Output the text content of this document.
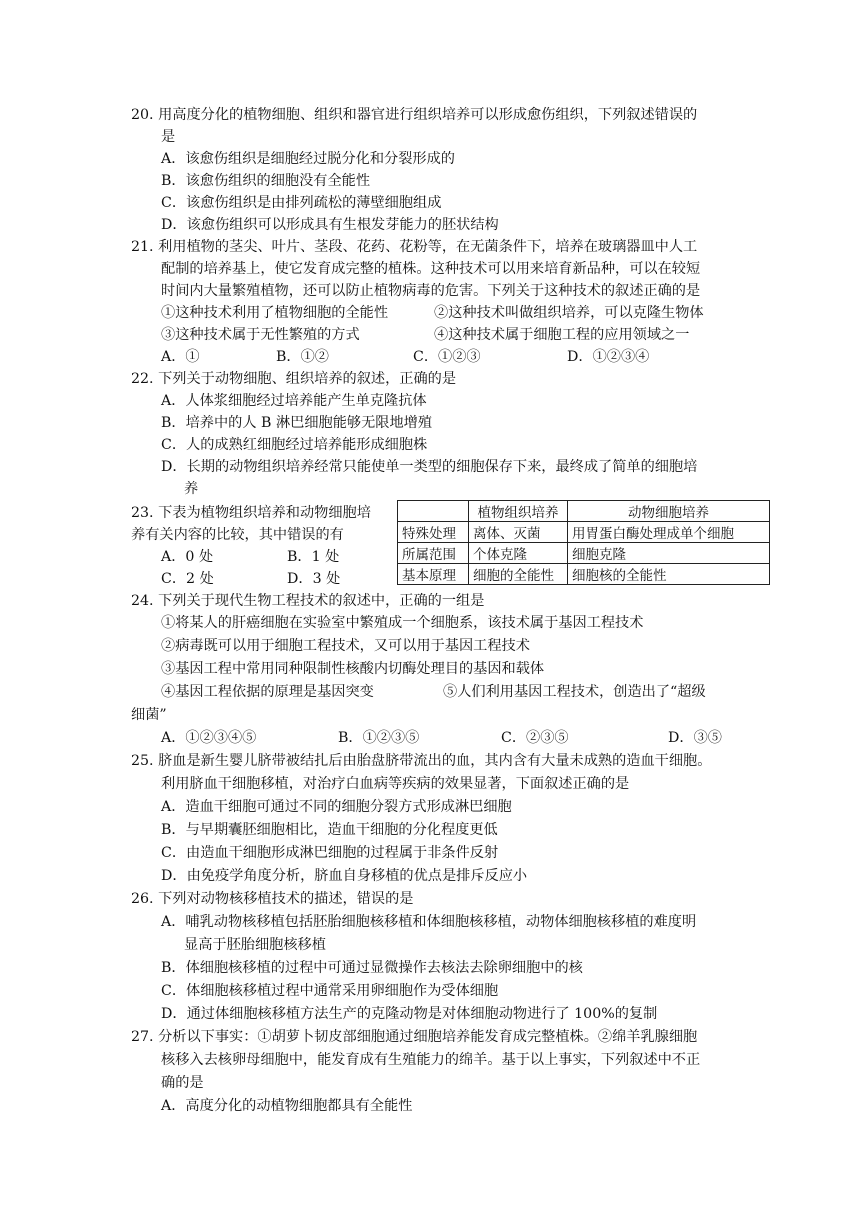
20. 用高度分化的植物细胞、组织和器官进行组织培养可以形成愈伤组织，下列叙述错误的
是
A．该愈伤组织是细胞经过脱分化和分裂形成的
B．该愈伤组织的细胞没有全能性
C．该愈伤组织是由排列疏松的薄壁细胞组成
D．该愈伤组织可以形成具有生根发芽能力的胚状结构
21. 利用植物的茎尖、叶片、茎段、花药、花粉等，在无菌条件下，培养在玻璃器皿中人工
配制的培养基上，使它发育成完整的植株。这种技术可以用来培育新品种，可以在较短
时间内大量繁殖植物，还可以防止植物病毒的危害。下列关于这种技术的叙述正确的是
①这种技术利用了植物细胞的全能性	②这种技术叫做组织培养，可以克隆生物体
③这种技术属于无性繁殖的方式	④这种技术属于细胞工程的应用领域之一
A．①	B．①②	C．①②③	D．①②③④
22. 下列关于动物细胞、组织培养的叙述，正确的是
A．人体浆细胞经过培养能产生单克隆抗体
B．培养中的人 B 淋巴细胞能够无限地增殖
C．人的成熟红细胞经过培养能形成细胞株
D．长期的动物组织培养经常只能使单一类型的细胞保存下来，最终成了简单的细胞培
养
23. 下表为植物组织培养和动物细胞培
养有关内容的比较，其中错误的有
A．0 处	B．1 处
C．2 处	D．3 处
	植物组织培养	动物细胞培养
特殊处理	离体、灭菌	用胃蛋白酶处理成单个细胞
所属范围	个体克隆	细胞克隆
基本原理	细胞的全能性	细胞核的全能性
24. 下列关于现代生物工程技术的叙述中，正确的一组是
①将某人的肝癌细胞在实验室中繁殖成一个细胞系，该技术属于基因工程技术
②病毒既可以用于细胞工程技术，又可以用于基因工程技术
③基因工程中常用同种限制性核酸内切酶处理目的基因和载体
④基因工程依据的原理是基因突变	⑤人们利用基因工程技术，创造出了“超级
细菌”
A．①②③④⑤	B．①②③⑤	C．②③⑤	D．③⑤
25. 脐血是新生婴儿脐带被结扎后由胎盘脐带流出的血，其内含有大量未成熟的造血干细胞。
利用脐血干细胞移植，对治疗白血病等疾病的效果显著，下面叙述正确的是
A．造血干细胞可通过不同的细胞分裂方式形成淋巴细胞
B．与早期囊胚细胞相比，造血干细胞的分化程度更低
C．由造血干细胞形成淋巴细胞的过程属于非条件反射
D．由免疫学角度分析，脐血自身移植的优点是排斥反应小
26. 下列对动物核移植技术的描述，错误的是
A．哺乳动物核移植包括胚胎细胞核移植和体细胞核移植，动物体细胞核移植的难度明
显高于胚胎细胞核移植
B．体细胞核移植的过程中可通过显微操作去核法去除卵细胞中的核
C．体细胞核移植过程中通常采用卵细胞作为受体细胞
D．通过体细胞核移植方法生产的克隆动物是对体细胞动物进行了 100%的复制
27. 分析以下事实：①胡萝卜韧皮部细胞通过细胞培养能发育成完整植株。②绵羊乳腺细胞
核移入去核卵母细胞中，能发育成有生殖能力的绵羊。基于以上事实，下列叙述中不正
确的是
A．高度分化的动植物细胞都具有全能性
